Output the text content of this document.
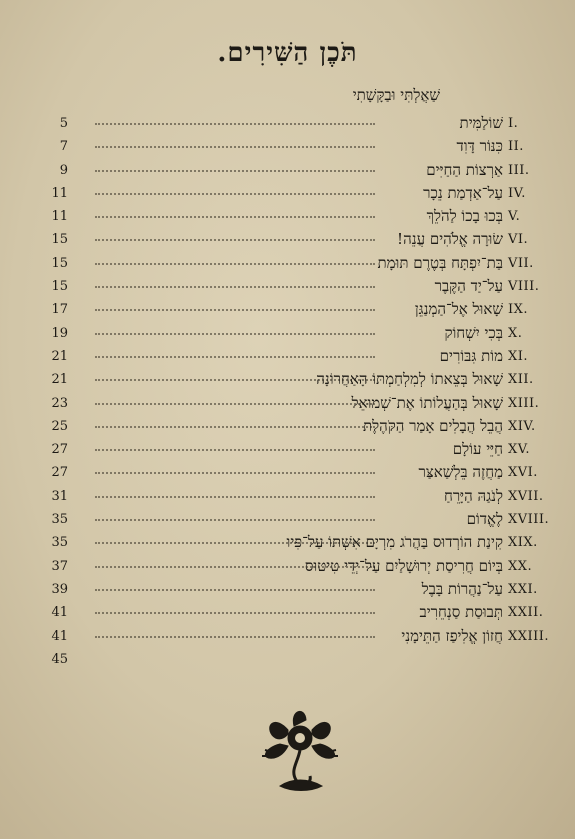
תֹּכֶן הַשִּׁירִים.
שַׁאֲלְתִּי וּבַקָּשָׁתִי
5	שׁוֹלַמִּית I.
7	כִּנּוֹר דָּוִד II.
9	אַרְצוֹת הַחַיִּים III.
11	עַל־אַדְמַת נֵכָר IV.
11	בְּכוּ בָכוֹ לַהֹלֵךְ V.
15	שׂוּרָה אֱלֹהִים עֲנֵה! VI.
15	בַּת־יִפְתָּח בְּטֶרֶם תּוּמָת VII.
15	עַל־יַד הַקֶּבֶר VIII.
17	שָׁאוּל אֶל־הַמְנַגֵּן IX.
19	בְּכִי יִשְׁחוֹק X.
21	מוֹת גִּבּוֹרִים XI.
21	שָׁאוּל בְּצֵאתוֹ לְמִלְחַמְתּוֹ הָאַחֲרוֹנָה XII.
23	שָׁאוּל בְּהַעֲלוֹתוֹ אֶת־שְׁמוּאֵל XIII.
25	הֲבֵל הֲבָלִים אָמַר הַקֹּהֶלֶת XIV.
27	חַיֵּי עוֹלָם XV.
27	מַחֲזֶה בֵּלְשַׁאצַּר XVI.
31	לְנֹגַהּ הַיָּרֵחַ XVII.
35	לֶאֱדוֹם XVIII.
35	קִינַת הוֹרְדוּס בַּהֲרֹג מִרְיָם אִשְׁתּוֹ עַל־פִּיו XIX.
37	בְּיוֹם חֲרִיסַת יְרוּשָׁלַיִם עַל־יְדֵי טִיטוּס XX.
39	עַל־נַהֲרוֹת בָּבֶל XXI.
41	תְּבוּסַת סַנְחֵרִיב XXII.
41	חֲזוֹן אֱלִיפַז הַתֵּימָנִי XXIII.
45
